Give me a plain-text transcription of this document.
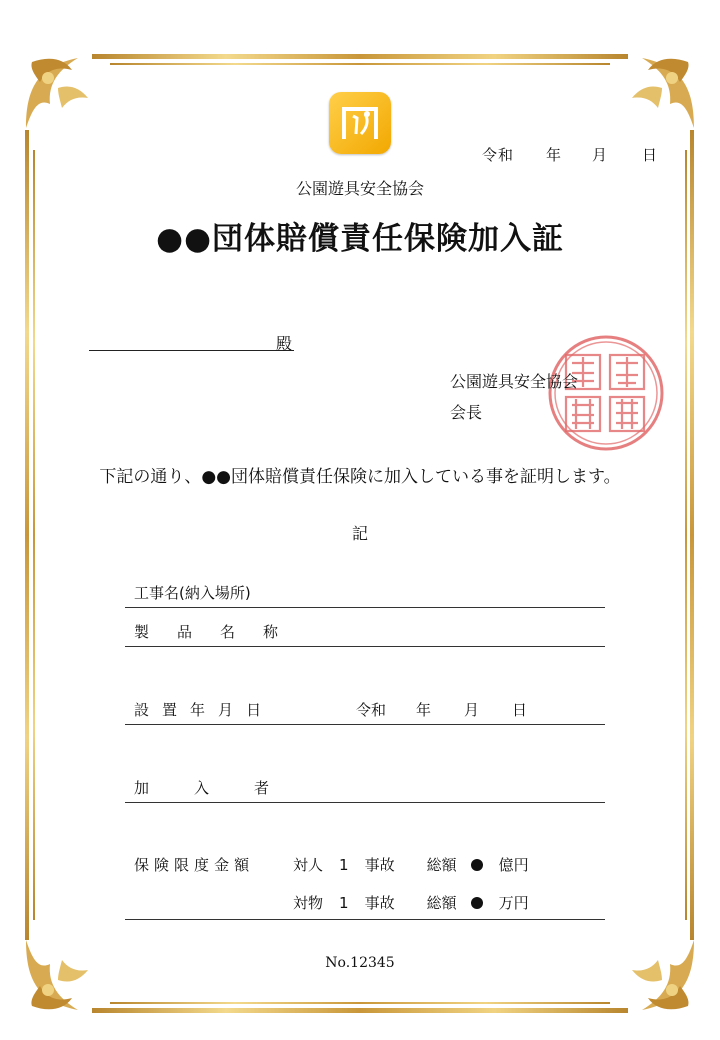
令和 年 月 日
公園遊具安全協会
●●団体賠償責任保険加入証
殿
公園遊具安全協会
会長
下記の通り、●●団体賠償責任保険に加入している事を証明します。
記
工事名(納入場所)
製 品 名 称
設 置 年 月 日	令和 年 月 日
加	入	者
保 険 限 度 金 額	対人 1 事故 総額	億円
対物 1 事故 総額	万円
No.12345
